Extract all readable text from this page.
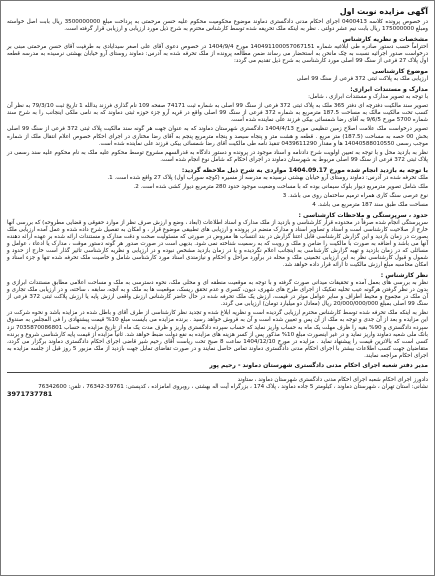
آگهی مزایده نوبت اول
در خصوص پرونده کلاسه 0400413 اجرای احکام مدنی دادگستری دماوند موضوع محکومیت محکوم علیه حسن مرحمتی به پرداخت مبلغ 3500000000 ریال بابت اصل خواسته ومبلغ 175000000 ریال بابت نیم عشر دولتی . نظر به اینکه ملک تحریفه شده توسط کارشناس محترم به شرح ذیل مورد ارزیابی و ارزیابی قرار گرفته است.
مشخصات و نظریه کارشناس
احتراماً حسب دستور صادره طی ابلاغیه شماره 140491100057067151 مورخ 1404/9/4 در خصوص دعوی آقای علی اصغر سیدایادی به طرفیت آقای حسن مرحمتی مبنی بر درخواست صدور اجرائیه نسبت به چک مانحن به استحضار می رساند ضمن مطالعه پرونده از ملک تحرفه شده به آدرس: دماوند روستای آرو خیابان بهشتی نرسیده به مدرسه قطعه اول پلاک 27 فرعی از سنگ 99 اصلی مورد کارشناسی به شرح ذیل تقدیم می گردد:
موضوع کارشناسی
ارزیابی ملک به پلاکت ثبتی 372 فرعی از سنگ 99 اصلی
مدارک و مستندات ابرازی:
با توجه به تصویر مدارک و مستندات ابرازی ، شامل:
تصویر سند مالکیت دفترچه ای دفتر 365 ملک به پلاک ثبتی 372 فرعی از سنگ 99 اصلی به شماره ثبت 74171 صفحه 109 نام گذاری فرزند یدالله 1 تاریخ ثبت 79/3/10 به نظر آن کسب تحت مالکیت مالک به مساحت 187.5 مترمربع به شماره 372 فرعی از سنگ 99 اصلی واقع در قریه آرو جزء حوزه ثبتی دماوند که به نامی ملکی اینجانب را به شرح سند شماره 5700 مورخ 9/6/5 به آقای رضا شمسائی بیکی فرزند علی نماینده شده است.
تصویر درخواست ملک علامت اصلاح زمین تنظیمی مورخ 1404/4/13 دادگستری شهرستان دماوند که به عنوان جهت هر گونه سند مالکیت پلاک ثبتی 372 فرعی از سنگ 99 اصلی بخش 00 حصه به مساحت (187.5) متر مربع . قطعه و هشت متر و پنجاه سیصد و ینجاه مترمربع پنجم به آقای رضا مختاری در اجرای احکام خصوص اعلام انتقال ملک از شماره موجب رسمی 14040588010550 ها و مقدار 0439611290 تنفیذ نامه طی مالکیت آقای رضا شمسائی بیکی فرزند علی نماینده شده است.
نظر به بازدید محل و با توجه به تعیین اولویت شرح دادنامه و اسناد موجود در پرونده و دستور دادگاه به قدرالسهم مشروح توسط محکوم علیه ملک به نام محکوم علیه سند رسمی در پلاک ثبتی 372 فرعی از سنگ 99 اصلی مربوط به شهرستان دماوند در اجرای احکام که شامل نوع انجام شده است.
با توجه به بازدید انجام شده مورخ 1404.09.17 مواردی به شرح ذیل ملاحظه گردید:
ملک تحرفه شده در آدرس: دماوند روستای آرو خیابان بهشتی نرسیده به مدرسه از مسیره (کوچه سوراب اول) پلاک 27 واقع شده است. 1.
ملک شامل تصویر مترمربع دیوار بلوک سیمانی بوده که با مساحت وضعیت موجود حدود 280 مترمربع دیوار کشی شده است. 2.
نوع عرصی سنگ کاری همراه ترمیم ساختمان روی می باشد. 3
مساحت ملک طبق سند 187 مترمربع می باشد. 4
حدود ، سرپرستگی و ملاحظات کارشناسی :
سرپرستگی انجام شده صرفاً در محدوده قرار کارشناسی و بازدید از ملک مدارک و اسناد اطلاعات (ابعاد ، وضع و ارزش صرف نظر از موارد حقوقی و قضایی مطروحه) که بررسی آنها خارج از صلاحیت کارشناسی است و اسناد و تصاویر اسناد و مدارک منضم در پرونده و ارزیابی های تطبیقی موضوع قرار ، و امکان به تفصیل شرح داده شده و عمل آمده ارزیابی ملک بصورت در زمان بازدید و این گزارش کارشناسی قابل اعتنا گزارش در بند انتساب ها مفروض در صورتی که مسئولیت صحت و دقت مدارک و مستندات ارائه شده بر عهده ارائه دهنده آنها می باشد و اضافه به صورت با مالکیت را ضامن و ملک و رویت که به رسمیت شناخته نمی شود. بدیهی است در صورت صدور هر گونه دستور موقت ، مدارک یا ادعاء ، عوامل و مسائلی که در زمان بازدید و تهیه گزارش کارشناسی به اینجانب اعلام نگردیده و یا در زمان بازدید مشخص نبوده و در ارزیابی و نظریه کارشناسی تاثیر گذار است خارج از حدود و شمول و قبول کارشناسی نظر به این ارزیابی تخمینی ملک و محله در برآورد مراحل و احکام و نیازمندی اسناد مورد کارشناسی شامل و خاصیت ملک تحرفه شده تنها و جزء اسناد و امکان محاسبه مبلغ ارزش مالکیت تا ارائه قرار داده خواهد شد.
نظر کارشناس :
نظر به بررسی های بعمل آمده و تحقیقات میدانی صورت گرفته و با توجه به موقعیت منطقه ای و محلی ملک، نحوه دسترسی به ملک و مساحت اعلامی مطابق مستندات ابرازی و بدون در نظر گرفتن هرگونه عیب تخلیه تفکیک از اجرای طرح های شهری، دیون، کسری و عدم تحقق ریسک، موقعیت ها به ملک و به آنچه، سابقه ، ساخته، و در ارزیابی ملک تجاری و آن ملک در مجموع و محیط اطراف و سایر عوامل موثر در قیمت، ارزش یک ملک تحرفه شده در حال حاضر کارشناس ارزش واقعی ارزش پایه یا ارزش پلاکت ثبتی 372 فرعی از سنگ 99 اصلی بمبلغ 20/000/000/000 ریال (معادل دو میلیارد تومان) ارزیابی می گردد.
نظر به اینکه ملک تحرفه شده توسط کارشناس محترم ارزیابی گردیده است و نظریه ابلاغ شده و تجدید نظر کارشناسی از طرف آقای و باطل شده در مزایده باشد و نحوه شرکت در این مزایده و بعد از آن جدی و توجه به ملک از آن پس و تعیین شده است و آن به فروش خواهد رسید . برنده مزایده می بایست مبلغ 10% قیمت پیشنهادی را فی المجلس به صندوق سپرده دادگستری و 90% بقیه را ظرف مهلت یک ماه به حساب واریز نماید که حساب سپرده دادگستری واریز و ظرف مدت یک ماه از تاریخ مزایده به حساب 7035870086801 نزد بانک ملی شعبه دماوند واریز نماید و در غیر اینصورت مبلغ 10% مذکور پس از کسر هزینه های مزایده به نفع دولت ضبط خواهد شد. ثانیاً مزایده از قیمت پایه کارشناسی شروع و برنده کسی است که بالاترین قیمت را پیشنهاد نماید . مزایده در مورخ 1404/12/10 ساعت 8 صبح تحت ریاست آقای رحیم شیر قاضی اجرای احکام دادگستری دماوند برگزار می گردد، متقاضیان جهت کسب اطلاعات بیشتر با اجرای احکام مدنی دادگستری دماوند تماس حاصل نمایند و در صورت تقاضای تمایل جهت بازدید از ملک مزبور 5 روز قبل از جلسه مزایده به اجرای احکام مراجعه نمایند.
مدیر دفتر شعبه اجرای احکام مدنی دادگستری شهرستان دماوند - رحیم پور
دادورز اجرای احکام شعبه اجرای احکام مدنی دادگستری شهرستان دماوند ، ستاوند
نشانی: استان تهران ، شهرستان دماوند ، کیلومتر 5 جاده دماوند ، پلاک 174 ، بزرگراه آیت اله بهشتی ، روبروی امامزاده ، کدپستی: 39761-76342 ، تلفن: 76342600
3971737781
